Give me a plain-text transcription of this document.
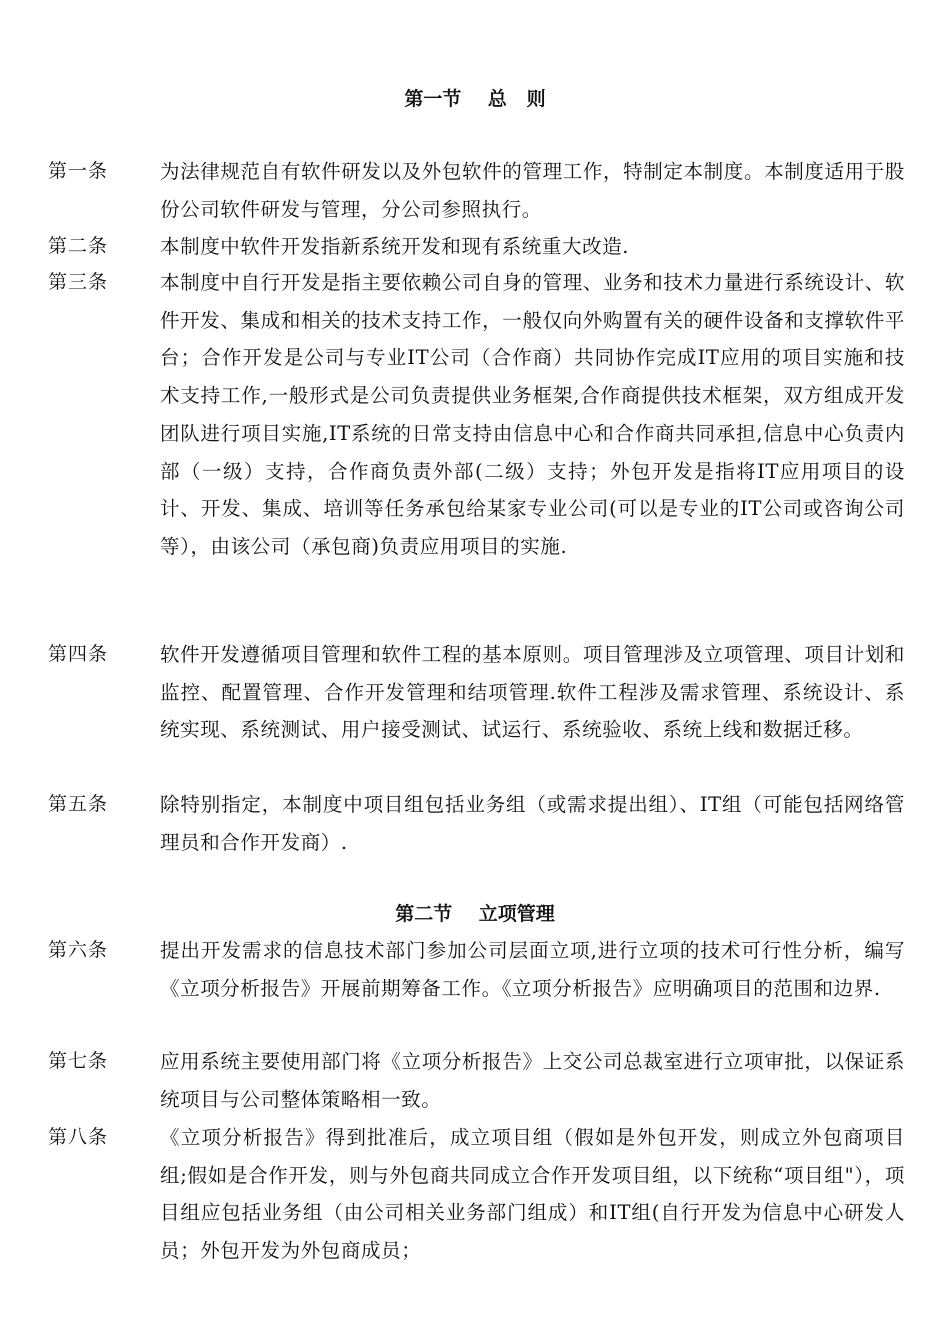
第一节    总   则
第一条	为法律规范自有软件研发以及外包软件的管理工作，特制定本制度。本制度适用于股份公司软件研发与管理，分公司参照执行。
第二条	本制度中软件开发指新系统开发和现有系统重大改造.
第三条	本制度中自行开发是指主要依赖公司自身的管理、业务和技术力量进行系统设计、软件开发、集成和相关的技术支持工作，一般仅向外购置有关的硬件设备和支撑软件平台；合作开发是公司与专业IT公司（合作商）共同协作完成IT应用的项目实施和技术支持工作,一般形式是公司负责提供业务框架,合作商提供技术框架，双方组成开发团队进行项目实施,IT系统的日常支持由信息中心和合作商共同承担,信息中心负责内部（一级）支持，合作商负责外部(二级）支持；外包开发是指将IT应用项目的设计、开发、集成、培训等任务承包给某家专业公司(可以是专业的IT公司或咨询公司等），由该公司（承包商)负责应用项目的实施.
第四条	软件开发遵循项目管理和软件工程的基本原则。项目管理涉及立项管理、项目计划和监控、配置管理、合作开发管理和结项管理.软件工程涉及需求管理、系统设计、系统实现、系统测试、用户接受测试、试运行、系统验收、系统上线和数据迁移。
第五条	除特别指定，本制度中项目组包括业务组（或需求提出组）、IT组（可能包括网络管理员和合作开发商）.
第二节    立项管理
第六条	提出开发需求的信息技术部门参加公司层面立项,进行立项的技术可行性分析，编写《立项分析报告》开展前期筹备工作。《立项分析报告》应明确项目的范围和边界.
第七条	应用系统主要使用部门将《立项分析报告》上交公司总裁室进行立项审批，以保证系统项目与公司整体策略相一致。
第八条	《立项分析报告》得到批准后，成立项目组（假如是外包开发，则成立外包商项目组;假如是合作开发，则与外包商共同成立合作开发项目组，以下统称“项目组"），项目组应包括业务组（由公司相关业务部门组成）和IT组(自行开发为信息中心研发人员；外包开发为外包商成员；
